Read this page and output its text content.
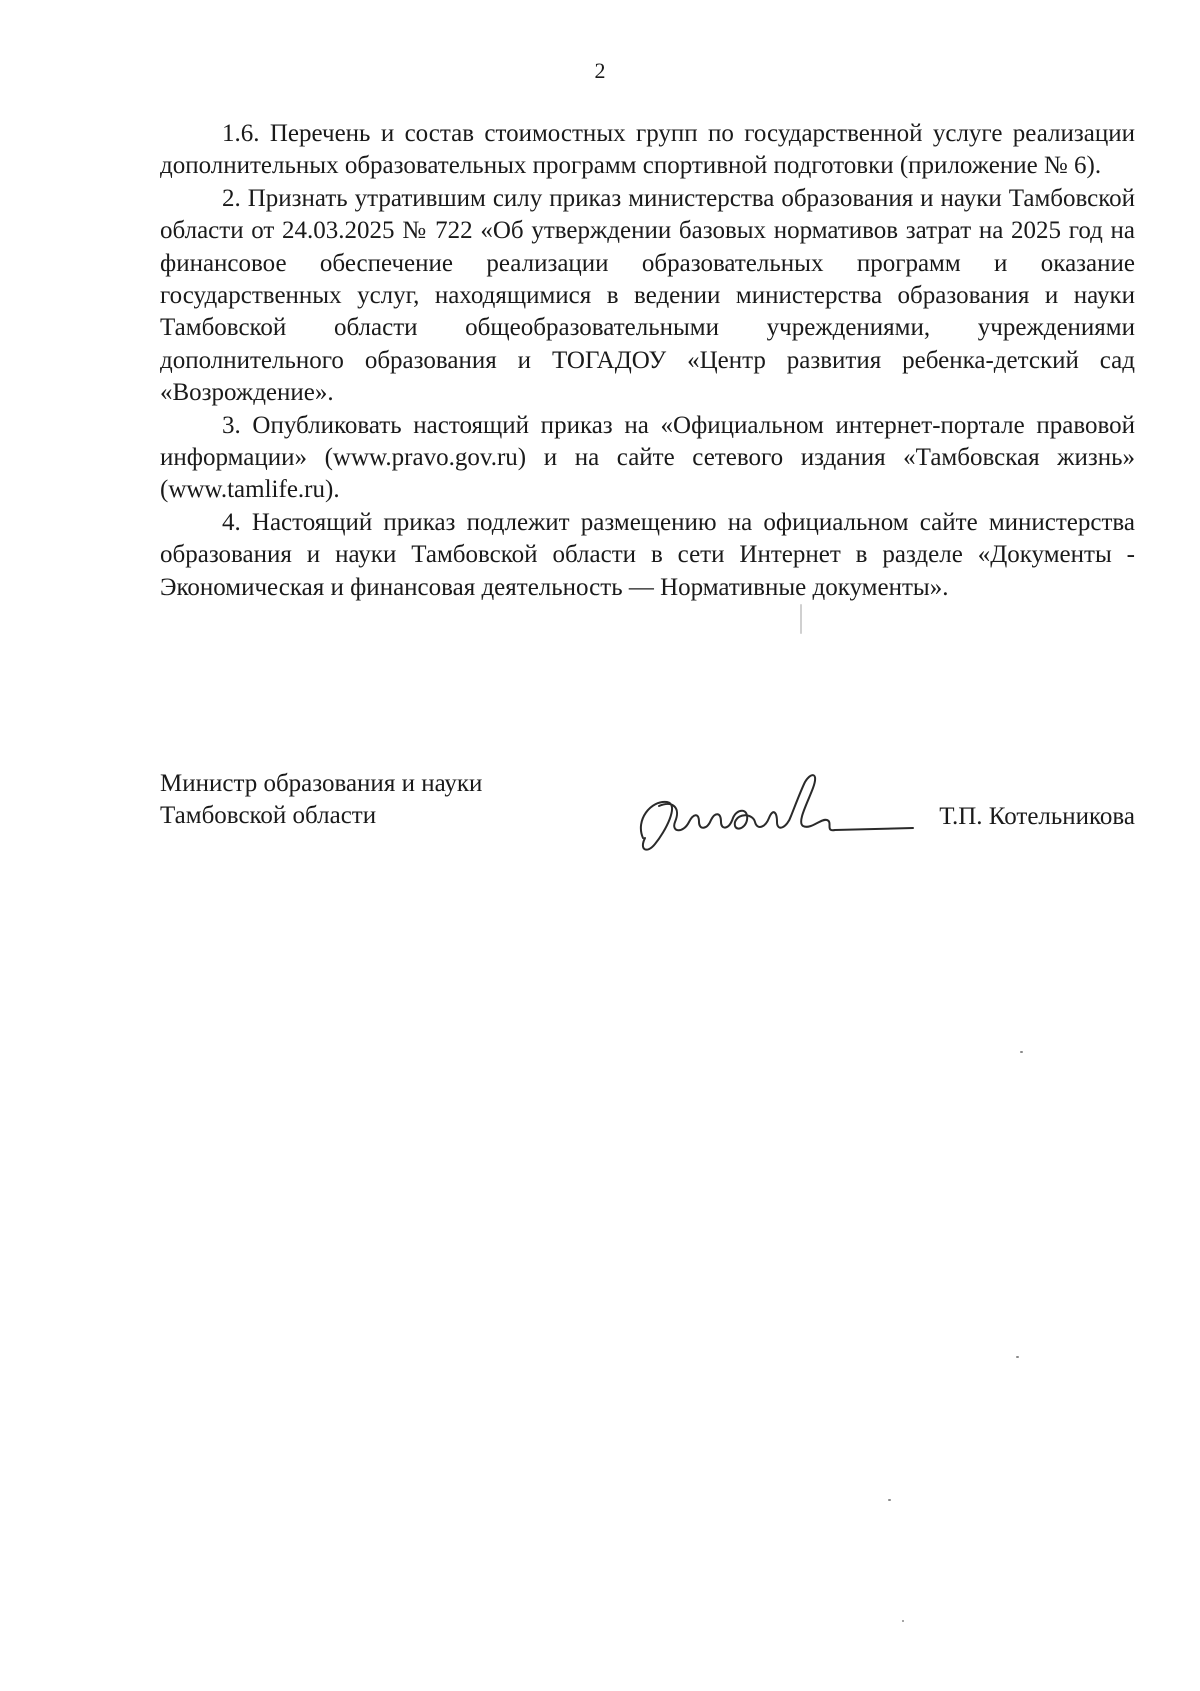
2

1.6. Перечень и состав стоимостных групп по государственной услуге реализации дополнительных образовательных программ спортивной подготовки (приложение № 6).

2. Признать утратившим силу приказ министерства образования и науки Тамбовской области от 24.03.2025 № 722 «Об утверждении базовых нормативов затрат на 2025 год на финансовое обеспечение реализации образовательных программ и оказание государственных услуг, находящимися в ведении министерства образования и науки Тамбовской области общеобразовательными учреждениями, учреждениями дополнительного образования и ТОГАДОУ «Центр развития ребенка-детский сад «Возрождение».

3. Опубликовать настоящий приказ на «Официальном интернет-портале правовой информации» (www.pravo.gov.ru) и на сайте сетевого издания «Тамбовская жизнь» (www.tamlife.ru).

4. Настоящий приказ подлежит размещению на официальном сайте министерства образования и науки Тамбовской области в сети Интернет в разделе «Документы - Экономическая и финансовая деятельность — Нормативные документы».

Министр образования и науки
Тамбовской области	Т.П. Котельникова
